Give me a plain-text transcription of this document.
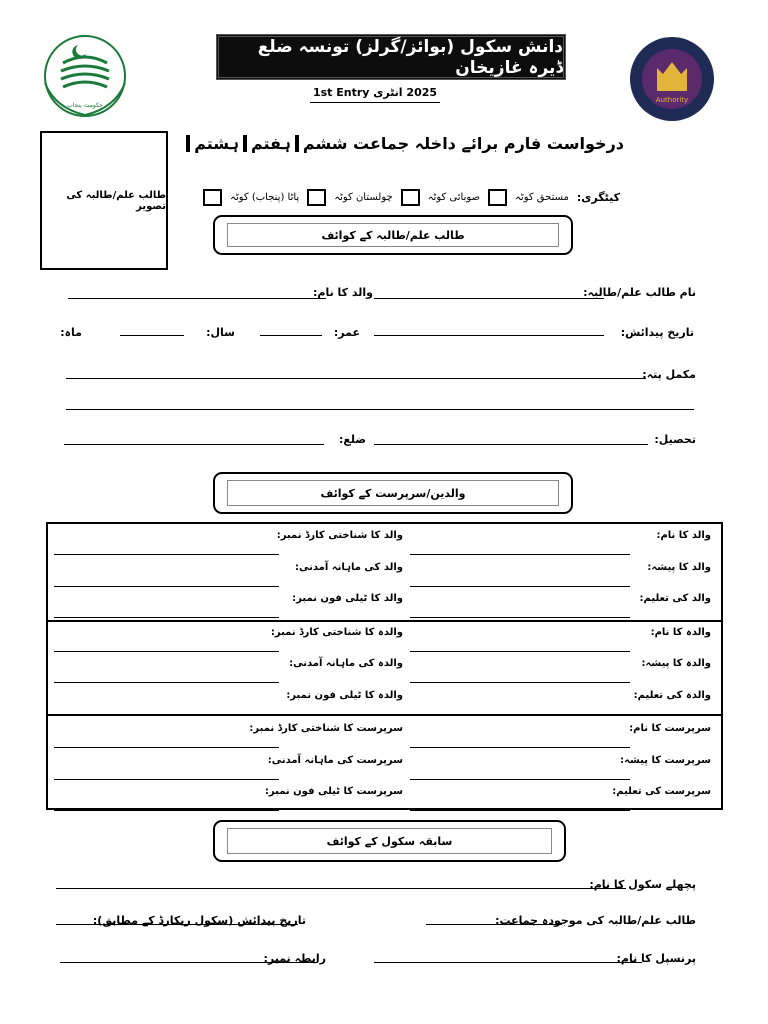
حکومت پنجاب
دانش سکول (بوائز/گرلز) تونسہ ضلع ڈیرہ غازیخان
Authority
2025 انٹری 1st Entry
درخواست فارم برائے داخلہ جماعت ششم
ہفتم
ہشتم
طالب علم/طالبہ کی تصویر
کیٹگری:
مستحق کوٹہ
صوبائی کوٹہ
چولستان کوٹہ
پاٹا (پنجاب) کوٹہ
طالب علم/طالبہ کے کوائف
نام طالب علم/طالبہ:
والد کا نام:
تاریخ پیدائش:
عمر:
سال:
ماہ:
مکمل پتہ:
تحصیل:
ضلع:
والدین/سرپرست کے کوائف
والد کا نام:
والد کا شناختی کارڈ نمبر:
والد کا پیشہ:
والد کی ماہانہ آمدنی:
والد کی تعلیم:
والد کا ٹیلی فون نمبر:
والدہ کا نام:
والدہ کا شناختی کارڈ نمبر:
والدہ کا پیشہ:
والدہ کی ماہانہ آمدنی:
والدہ کی تعلیم:
والدہ کا ٹیلی فون نمبر:
سرپرست کا نام:
سرپرست کا شناختی کارڈ نمبر:
سرپرست کا پیشہ:
سرپرست کی ماہانہ آمدنی:
سرپرست کی تعلیم:
سرپرست کا ٹیلی فون نمبر:
سابقہ سکول کے کوائف
پچھلے سکول کا نام:
طالب علم/طالبہ کی موجودہ جماعت:
تاریخ پیدائش (سکول ریکارڈ کے مطابق):
پرنسپل کا نام:
رابطہ نمبر:
